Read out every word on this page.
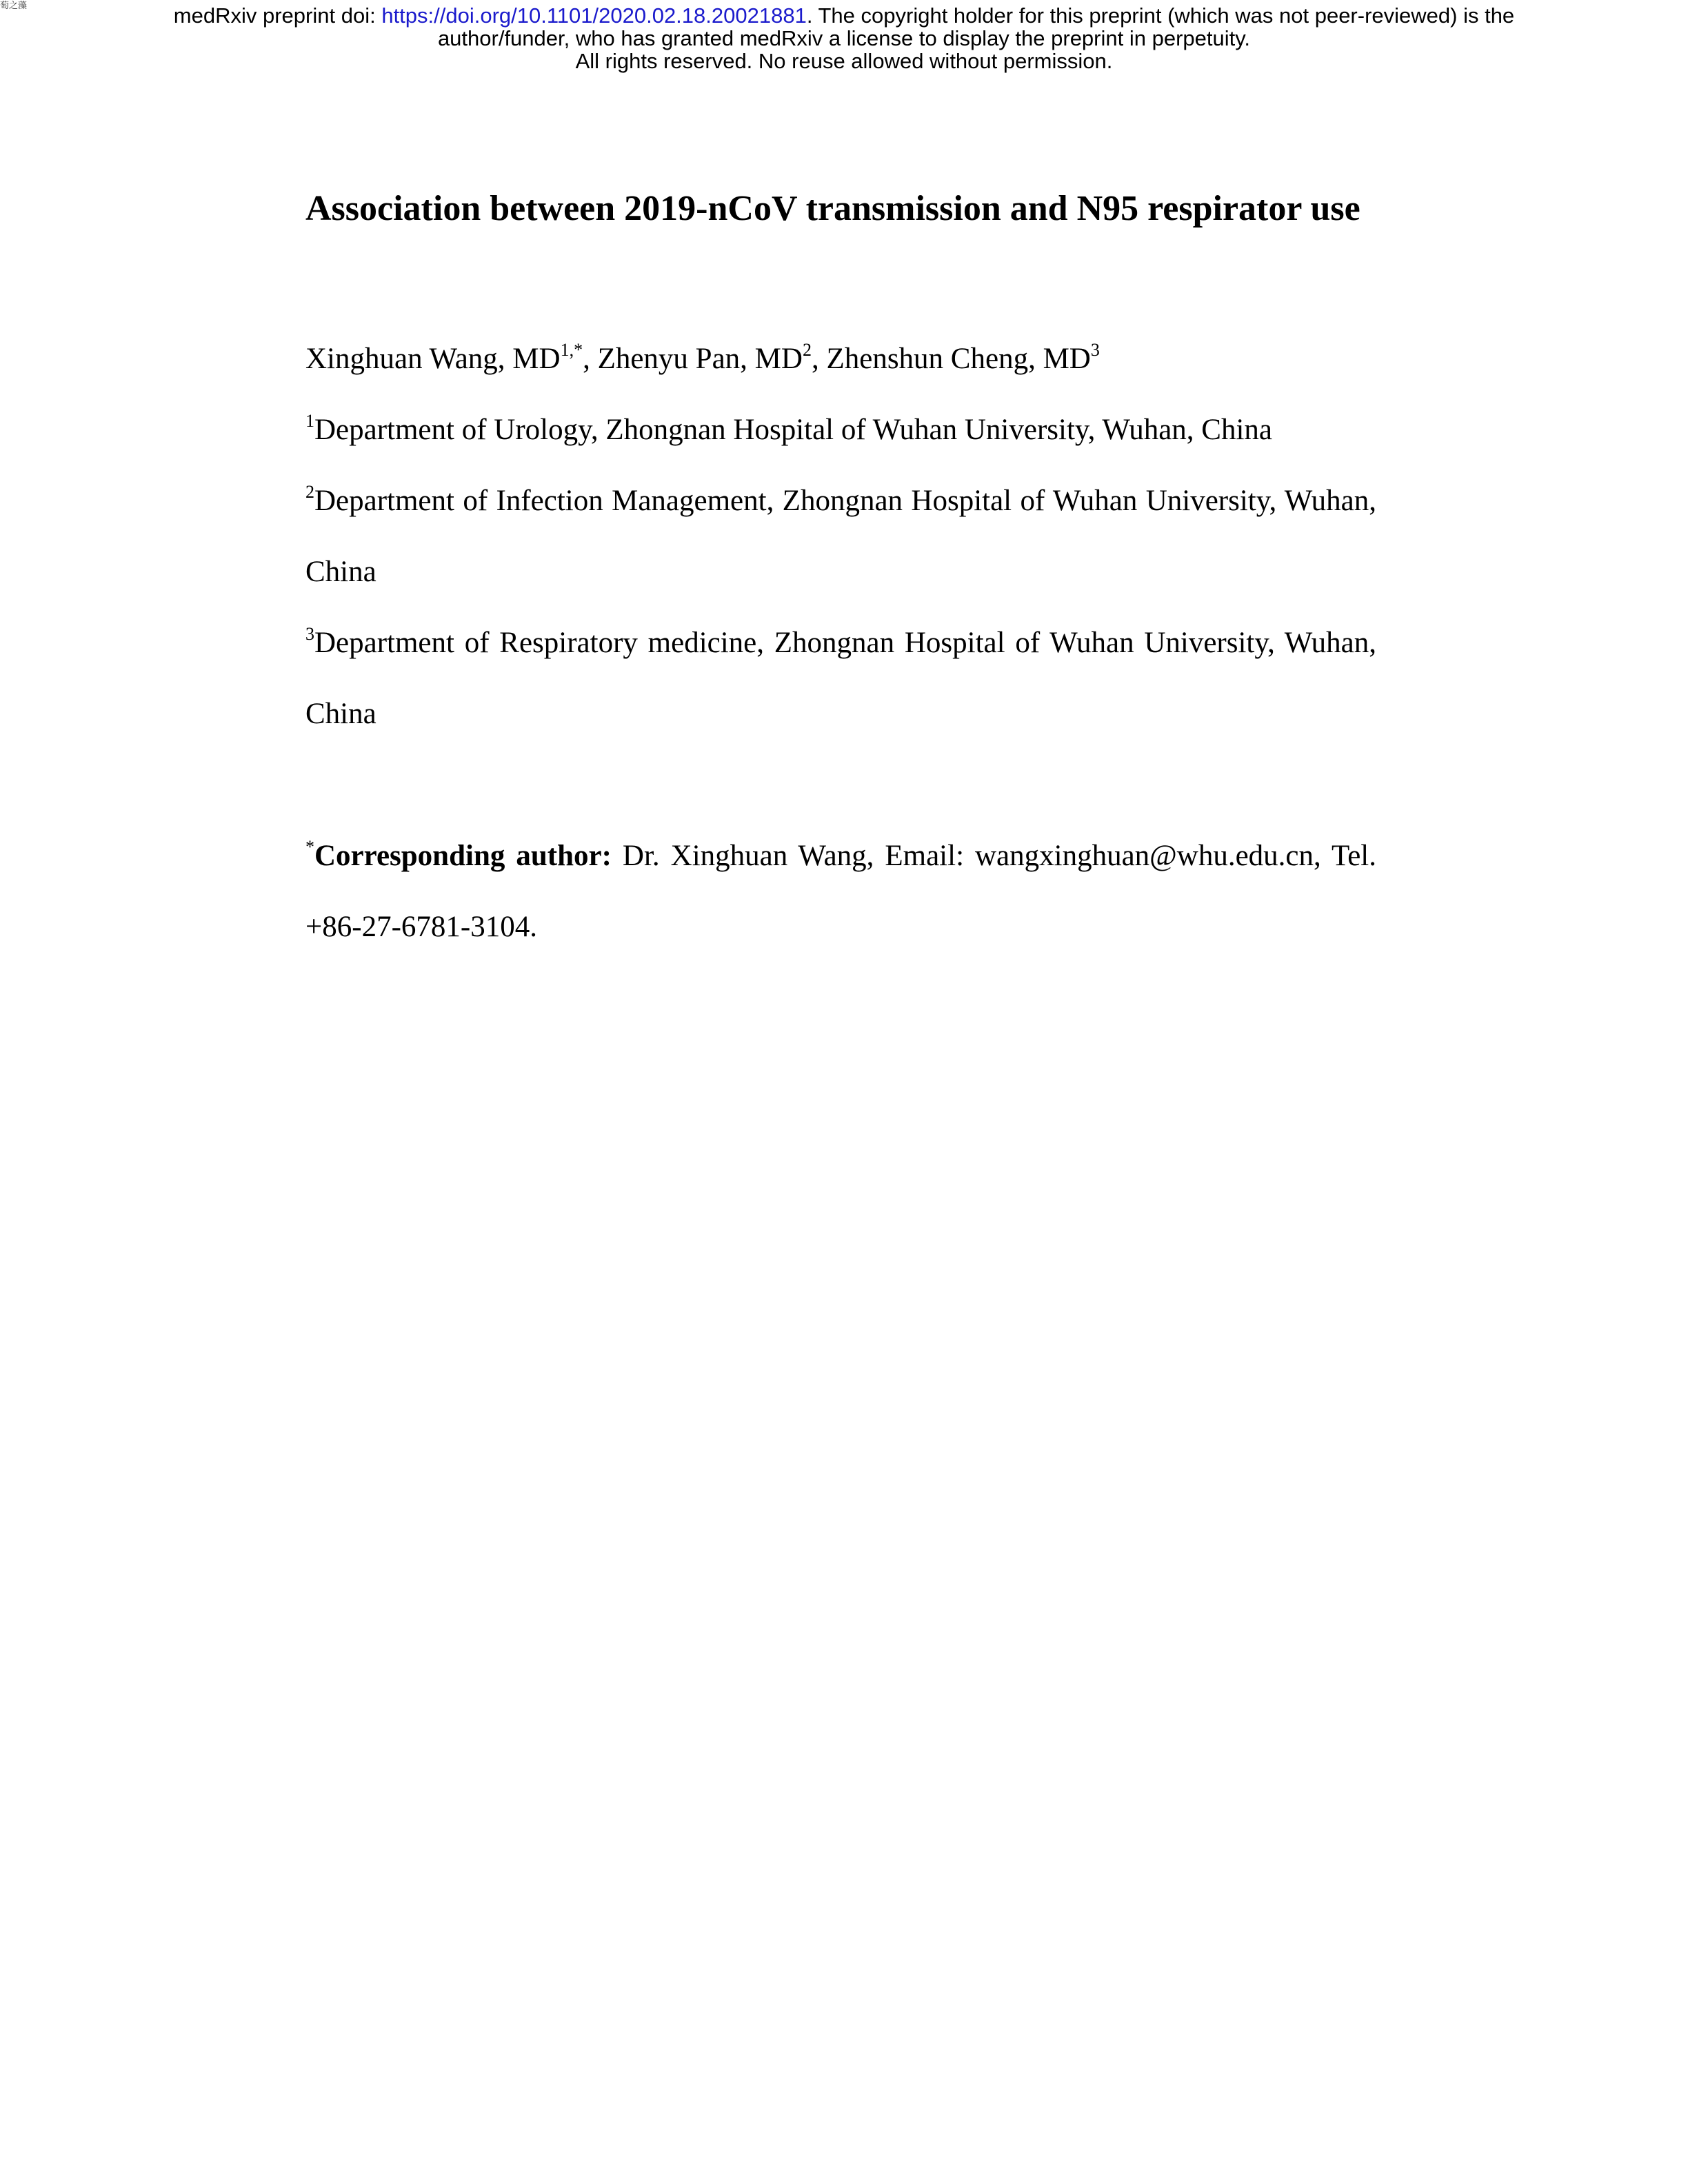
萄之藻	medRxiv preprint doi: https://doi.org/10.1101/2020.02.18.20021881. The copyright holder for this preprint (which was not peer-reviewed) is the
author/funder, who has granted medRxiv a license to display the preprint in perpetuity.
All rights reserved. No reuse allowed without permission.
Association between 2019-nCoV transmission and N95 respirator use
Xinghuan Wang, $MD^{1,*}$, Zhenyu Pan, $MD^2$, Zhenshun Cheng, $MD^3$
$^1$Department of Urology, Zhongnan Hospital of Wuhan University, Wuhan, China
$^2$Department of Infection Management, Zhongnan Hospital of Wuhan University, Wuhan, China
$^3$Department of Respiratory medicine, Zhongnan Hospital of Wuhan University, Wuhan, China
*Corresponding author: Dr. Xinghuan Wang, Email: wangxinghuan@whu.edu.cn, Tel. +86-27-6781-3104.
